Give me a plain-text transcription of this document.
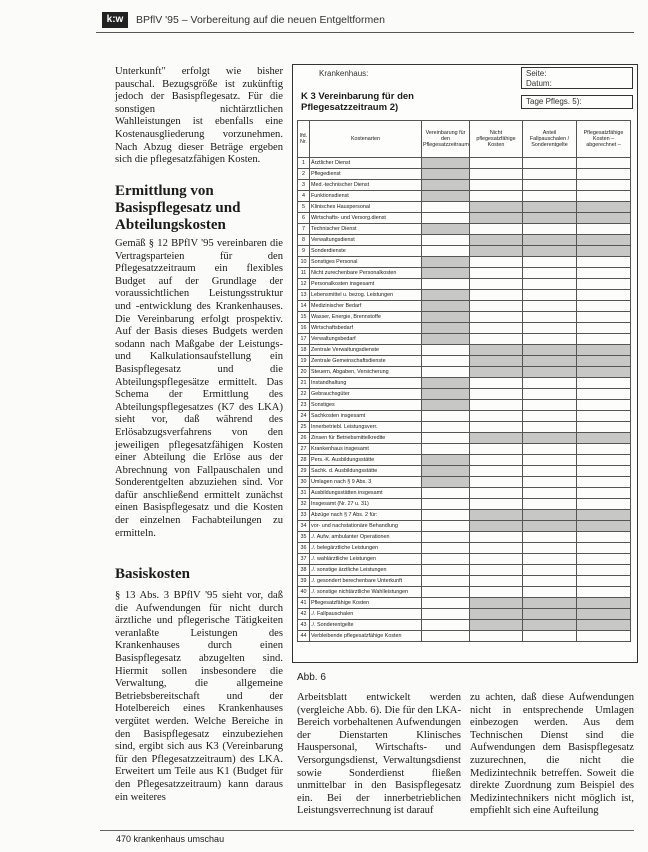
k:w	BPflV '95 – Vorbereitung auf die neuen Entgeltformen

Unterkunft" erfolgt wie bisher pauschal. Bezugsgröße ist zukünftig jedoch der Basispflegesatz. Für die sonstigen nichtärztlichen Wahlleistungen ist ebenfalls eine Kostenausgliederung vorzunehmen. Nach Abzug dieser Beträge ergeben sich die pflegesatzfähigen Kosten.

Ermittlung von Basispflegesatz und Abteilungskosten

Gemäß § 12 BPflV '95 vereinbaren die Vertragsparteien für den Pflegesatzzeitraum ein flexibles Budget auf der Grundlage der voraussichtlichen Leistungsstruktur und -entwicklung des Krankenhauses. Die Vereinbarung erfolgt prospektiv. Auf der Basis dieses Budgets werden sodann nach Maßgabe der Leistungs- und Kalkulationsaufstellung ein Basispflegesatz und die Abteilungspflegesätze ermittelt. Das Schema der Ermittlung des Abteilungspflegesatzes (K7 des LKA) sieht vor, daß während des Erlösabzugsverfahrens von den jeweiligen pflegesatzfähigen Kosten einer Abteilung die Erlöse aus der Abrechnung von Fallpauschalen und Sonderentgelten abzuziehen sind. Vor dafür anschließend ermittelt zunächst einen Basispflegesatz und die Kosten der einzelnen Fachabteilungen zu ermitteln.

Basiskosten

§ 13 Abs. 3 BPflV '95 sieht vor, daß die Aufwendungen für nicht durch ärztliche und pflegerische Tätigkeiten veranlaßte Leistungen des Krankenhauses durch einen Basispflegesatz abzugelten sind. Hiermit sollen insbesondere die Verwaltung, die allgemeine Betriebsbereitschaft und der Hotelbereich eines Krankenhauses vergütet werden. Welche Bereiche in den Basispflegesatz einzubeziehen sind, ergibt sich aus K3 (Vereinbarung für den Pflegesatzzeitraum) des LKA. Erweitert um Teile aus K1 (Budget für den Pflegesatzzeitraum) kann daraus ein weiteres

Krankenhaus:	Seite:
Datum:
K 3 Vereinbarung für den Pflegesatzzeitraum 2)
Tage Pflegs. 5):
lfd. Nr.	Kostenarten	Vereinbarung für den Pflegesatzzeitraum	Nicht pflegesatzfähige Kosten	Anteil Fallpauschalen / Sonderentgelte	Pflegesatzfähige Kosten – abgerechnet –
1	Ärztlicher Dienst				
2	Pflegedienst				
3	Med.-technischer Dienst				
4	Funktionsdienst				
5	Klinisches Hauspersonal				
6	Wirtschafts- und Versorg.dienst				
7	Technischer Dienst				
8	Verwaltungsdienst				
9	Sonderdienste				
10	Sonstiges Personal				
11	Nicht zurechenbare Personalkosten				
12	Personalkosten insgesamt				
13	Lebensmittel u. bezog. Leistungen				
14	Medizinischer Bedarf				
15	Wasser, Energie, Brennstoffe				
16	Wirtschaftsbedarf				
17	Verwaltungsbedarf				
18	Zentrale Verwaltungsdienste				
19	Zentrale Gemeinschaftsdienste				
20	Steuern, Abgaben, Versicherung				
21	Instandhaltung				
22	Gebrauchsgüter				
23	Sonstiges				
24	Sachkosten insgesamt				
25	Innerbetriebl. Leistungsverr.				
26	Zinsen für Betriebsmittelkredite				
27	Krankenhaus insgesamt				
28	Pers.-K. Ausbildungsstätte				
29	Sachk. d. Ausbildungsstätte				
30	Umlagen nach § 9 Abs. 3				
31	Ausbildungsstätten insgesamt				
32	Insgesamt (Nr. 27 u. 31)				
33	Abzüge nach § 7 Abs. 2 für:				
34	vor- und nachstationäre Behandlung				
35	./. Aufw. ambulanter Operationen				
36	./. belegärztliche Leistungen				
37	./. wahlärztliche Leistungen				
38	./. sonstige ärztliche Leistungen				
39	./. gesondert berechenbare Unterkunft				
40	./. sonstige nichtärztliche Wahlleistungen				
41	Pflegesatzfähige Kosten				
42	./. Fallpauschalen				
43	./. Sonderentgelte				
44	Verbleibende pflegesatzfähige Kosten				
Abb. 6

Arbeitsblatt entwickelt werden (vergleiche Abb. 6). Die für den LKA-Bereich vorbehaltenen Aufwendungen der Dienstarten Klinisches Hauspersonal, Wirtschafts- und Versorgungsdienst, Verwaltungsdienst sowie Sonderdienst fließen unmittelbar in den Basispflegesatz ein. Bei der innerbetrieblichen Leistungsverrechnung ist darauf

zu achten, daß diese Aufwendungen nicht in entsprechende Umlagen einbezogen werden. Aus dem Technischen Dienst sind die Aufwendungen dem Basispflegesatz zuzurechnen, die nicht die Medizintechnik betreffen. Soweit die direkte Zuordnung zum Beispiel des Medizintechnikers nicht möglich ist, empfiehlt sich eine Aufteilung

470 krankenhaus umschau
